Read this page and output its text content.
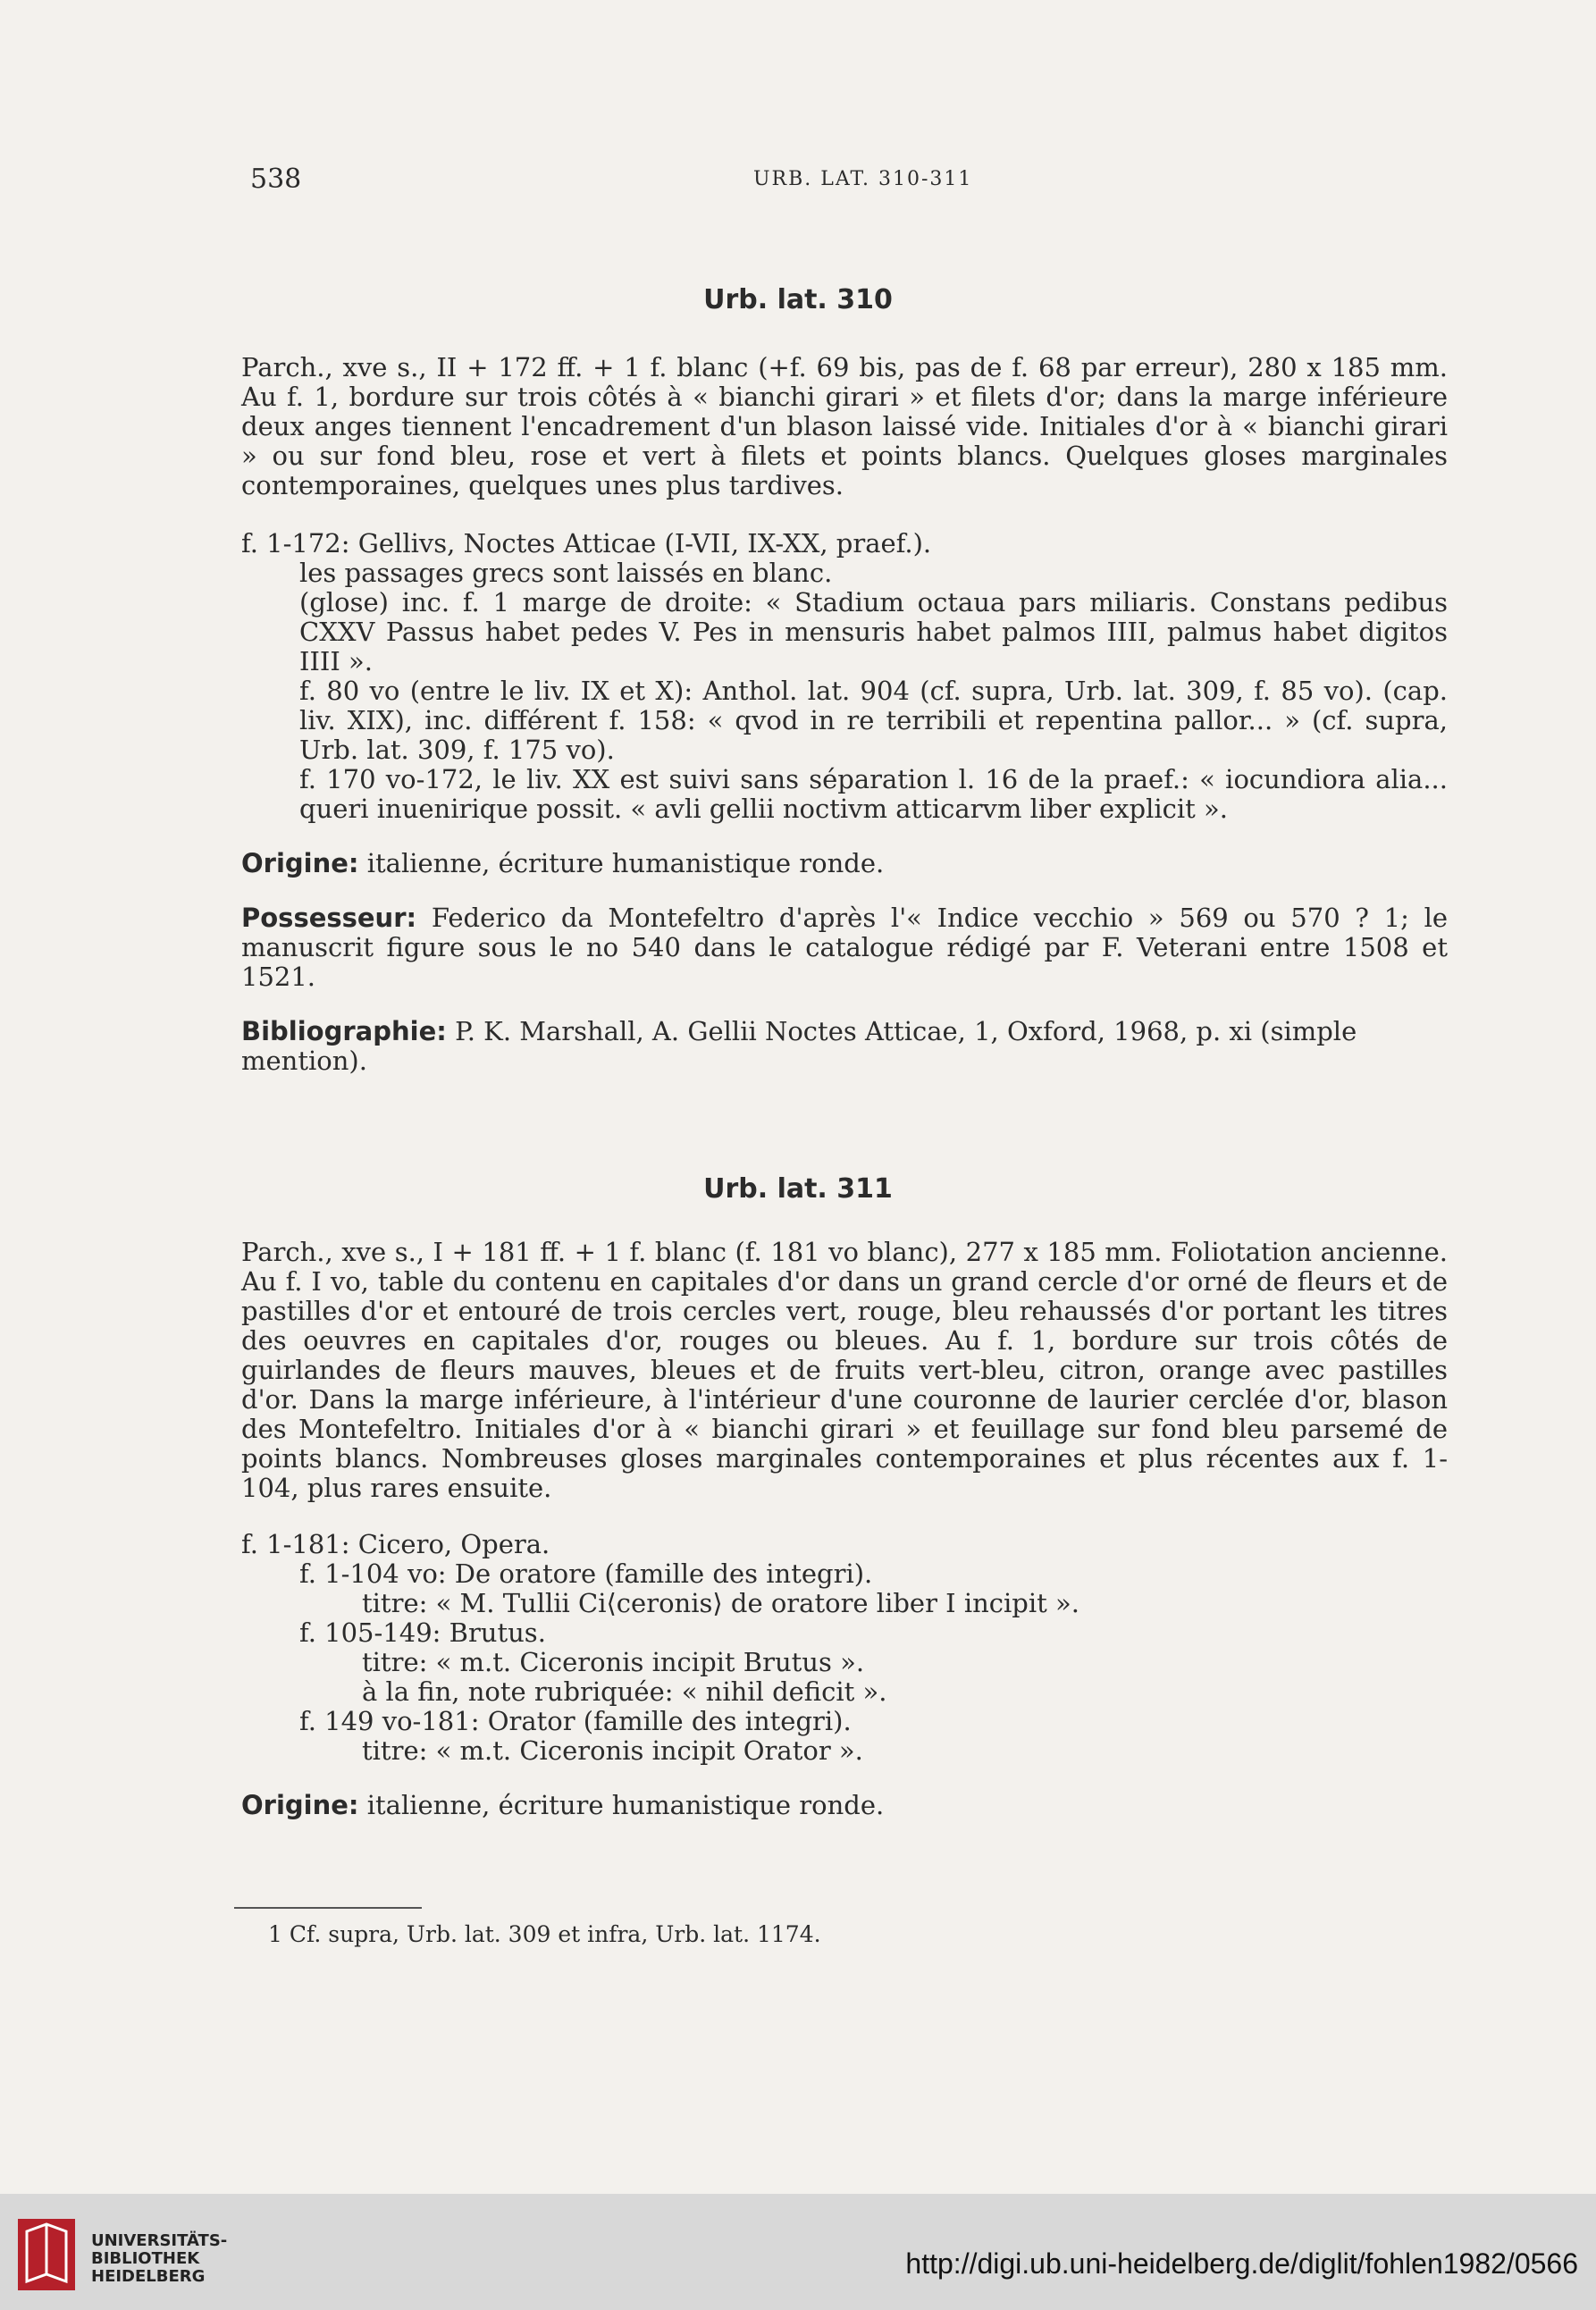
538	URB. LAT. 310-311
Urb. lat. 310

Parch., xve s., II + 172 ff. + 1 f. blanc (+f. 69 bis, pas de f. 68 par erreur), 280 x 185 mm. Au f. 1, bordure sur trois côtés à « bianchi girari » et filets d'or; dans la marge inférieure deux anges tiennent l'encadrement d'un blason laissé vide. Initiales d'or à « bianchi girari » ou sur fond bleu, rose et vert à filets et points blancs. Quelques gloses marginales contemporaines, quelques unes plus tardives.

f. 1-172: Gellivs, Noctes Atticae (I-VII, IX-XX, praef.).

les passages grecs sont laissés en blanc.

(glose) inc. f. 1 marge de droite: « Stadium octaua pars miliaris. Constans pedibus CXXV Passus habet pedes V. Pes in mensuris habet palmos IIII, palmus habet digitos IIII ».

f. 80 vo (entre le liv. IX et X): Anthol. lat. 904 (cf. supra, Urb. lat. 309, f. 85 vo). (cap. liv. XIX), inc. différent f. 158: « qvod in re terribili et repentina pallor... » (cf. supra, Urb. lat. 309, f. 175 vo).

f. 170 vo-172, le liv. XX est suivi sans séparation l. 16 de la praef.: « iocundiora alia... queri inuenirique possit. « avli gellii noctivm atticarvm liber explicit ».

Origine: italienne, écriture humanistique ronde.

Possesseur: Federico da Montefeltro d'après l'« Indice vecchio » 569 ou 570 ? 1; le manuscrit figure sous le no 540 dans le catalogue rédigé par F. Veterani entre 1508 et 1521.

Bibliographie: P. K. Marshall, A. Gellii Noctes Atticae, 1, Oxford, 1968, p. xi (simple mention).

Urb. lat. 311

Parch., xve s., I + 181 ff. + 1 f. blanc (f. 181 vo blanc), 277 x 185 mm. Foliotation ancienne. Au f. I vo, table du contenu en capitales d'or dans un grand cercle d'or orné de fleurs et de pastilles d'or et entouré de trois cercles vert, rouge, bleu rehaussés d'or portant les titres des oeuvres en capitales d'or, rouges ou bleues. Au f. 1, bordure sur trois côtés de guirlandes de fleurs mauves, bleues et de fruits vert-bleu, citron, orange avec pastilles d'or. Dans la marge inférieure, à l'intérieur d'une couronne de laurier cerclée d'or, blason des Montefeltro. Initiales d'or à « bianchi girari » et feuillage sur fond bleu parsemé de points blancs. Nombreuses gloses marginales contemporaines et plus récentes aux f. 1-104, plus rares ensuite.

f. 1-181: Cicero, Opera.

f. 1-104 vo: De oratore (famille des integri).

titre: « M. Tullii Ci⟨ceronis⟩ de oratore liber I incipit ».

f. 105-149: Brutus.

titre: « m.t. Ciceronis incipit Brutus ».

à la fin, note rubriquée: « nihil deficit ».

f. 149 vo-181: Orator (famille des integri).

titre: « m.t. Ciceronis incipit Orator ».

Origine: italienne, écriture humanistique ronde.

1 Cf. supra, Urb. lat. 309 et infra, Urb. lat. 1174.
UNIVERSITÄTS-
BIBLIOTHEK
HEIDELBERG	http://digi.ub.uni-heidelberg.de/diglit/fohlen1982/0566
